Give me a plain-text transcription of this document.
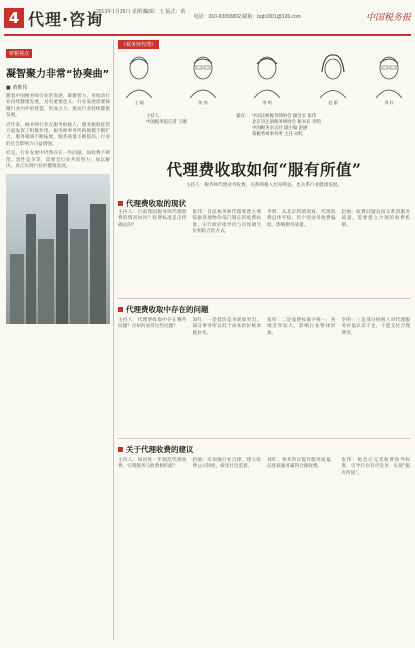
4 代理·咨询
2013年1月25日 星期五
编辑：王 版式：黄
电话：010-63093802 邮箱：bqb1001@126.com	中国税务报
财税视点
凝智聚力非常“协奏曲”
■ 黄维伟
随着中国税务师行业的发展，凝聚智力，对推动行业持续健康发展，具有重要意义。行业发展需要凝聚行业内外的智慧，形成合力，推动行业持续健康发展。
近年来，税务师行业在服务纳税人、服务税收征管方面发挥了积极作用。税务师事务所的规模不断扩大，服务领域不断拓展，服务质量不断提高，行业的社会影响力日益增强。
但是，行业发展中仍然存在一些问题，如收费不规范、恶性竞争等，需要全行业共同努力，加以解决，真正实现行业的健康发展。
《税务师代理》
王 刚	张 伟	李 明	赵 丽	刘 红
主持人：
中国税务报记者 王刚
嘉宾： 中国注册税务师协会 副会长 张伟
北京市注册税务师协会 秘书长 李明
中国税务杂志社 副主编 赵丽
某税务师事务所 主任 刘红
代理费收取如何“服有所值”
主持人：税务师代理业务收费，关系纳税人切身利益，也关系行业健康发展。
代理费收取的现状
主持人：目前我国税务师代理收费的情况如何？收费标准是怎样确定的？
张伟：目前税务师代理收费主要依据各地物价部门制定的收费标准，实行政府指导价与市场调节价相结合的方式。
李明：从北京的情况看，代理收费总体平稳，但个别业务收费偏低，影响服务质量。
赵丽：收费问题直接关系到服务质量，需要建立合理的收费机制。
代理费收取中存在的问题
主持人：代理费收取中存在哪些问题？应如何看待这些问题？
刘红：一是低价竞争现象突出，部分事务所以低于成本的价格承揽业务。
张伟：二是收费标准不统一，各地差异较大，影响行业整体形象。
李明：三是部分纳税人对代理服务价值认识不足，不愿支付合理费用。
关于代理收费的建议
主持人：如何进一步规范代理收费，实现服务与收费相匹配？
赵丽：应加强行业自律，建立收费公示制度，接受社会监督。
刘红：事务所应提升服务质量，以优质服务赢得合理收费。
张伟：协会应完善收费指导标准，引导行业有序竞争，实现“服有所值”。
